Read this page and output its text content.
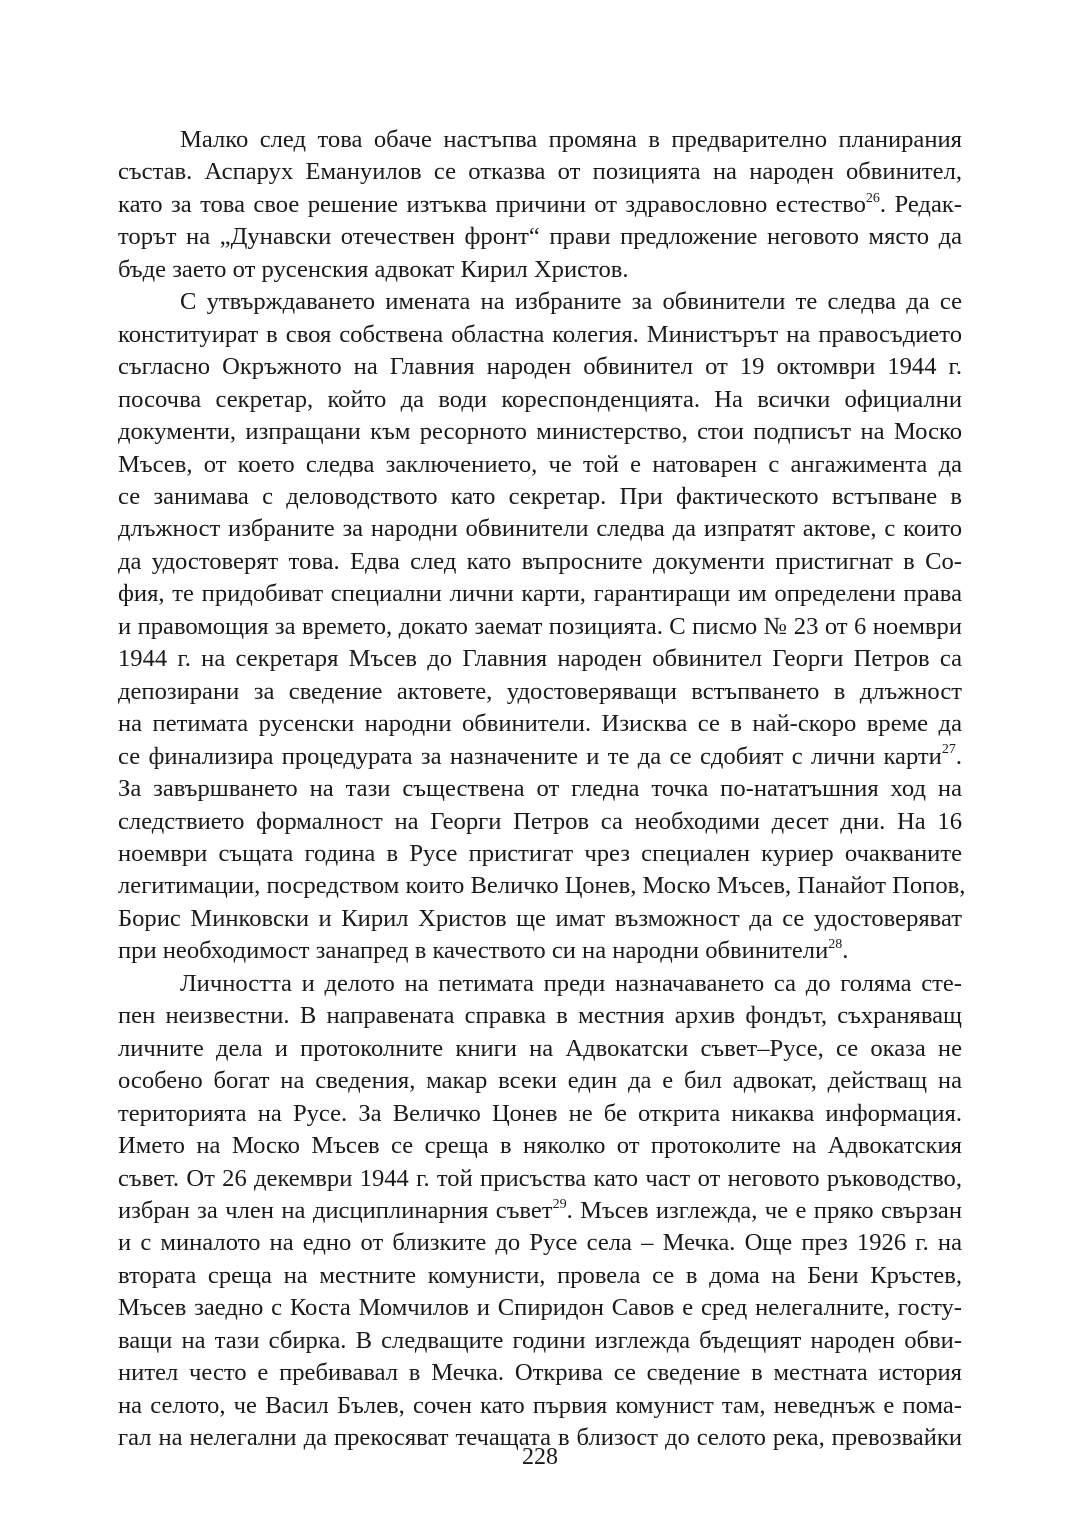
Малко след това обаче настъпва промяна в предварително планирания
състав. Аспарух Емануилов се отказва от позицията на народен обвинител,
като за това свое решение изтъква причини от здравословно естество$^{26}$. Редак-
торът на „Дунавски отечествен фронт“ прави предложение неговото място да
бъде заето от русенския адвокат Кирил Христов.

С утвърждаването имената на избраните за обвинители те следва да се
конституират в своя собствена областна колегия. Министърът на правосъдието
съгласно Окръжното на Главния народен обвинител от 19 октомври 1944 г.
посочва секретар, който да води кореспонденцията. На всички официални
документи, изпращани към ресорното министерство, стои подписът на Моско
Мъсев, от което следва заключението, че той е натоварен с ангажимента да
се занимава с деловодството като секретар. При фактическото встъпване в
длъжност избраните за народни обвинители следва да изпратят актове, с които
да удостоверят това. Едва след като въпросните документи пристигнат в Со-
фия, те придобиват специални лични карти, гарантиращи им определени права
и правомощия за времето, докато заемат позицията. С писмо № 23 от 6 ноември
1944 г. на секретаря Мъсев до Главния народен обвинител Георги Петров са
депозирани за сведение актовете, удостоверяващи встъпването в длъжност
на петимата русенски народни обвинители. Изисква се в най-скоро време да
се финализира процедурата за назначените и те да се сдобият с лични карти$^{27}$.
За завършването на тази съществена от гледна точка по-нататъшния ход на
следствието формалност на Георги Петров са необходими десет дни. На 16
ноември същата година в Русе пристигат чрез специален куриер очакваните
легитимации, посредством които Величко Цонев, Моско Мъсев, Панайот Попов,
Борис Минковски и Кирил Христов ще имат възможност да се удостоверяват
при необходимост занапред в качеството си на народни обвинители$^{28}$.

Личността и делото на петимата преди назначаването са до голяма сте-
пен неизвестни. В направената справка в местния архив фондът, съхраняващ
личните дела и протоколните книги на Адвокатски съвет–Русе, се оказа не
особено богат на сведения, макар всеки един да е бил адвокат, действащ на
територията на Русе. За Величко Цонев не бе открита никаква информация.
Името на Моско Мъсев се среща в няколко от протоколите на Адвокатския
съвет. От 26 декември 1944 г. той присъства като част от неговото ръководство,
избран за член на дисциплинарния съвет$^{29}$. Мъсев изглежда, че е пряко свързан
и с миналото на едно от близките до Русе села – Мечка. Още през 1926 г. на
втората среща на местните комунисти, провела се в дома на Бени Кръстев,
Мъсев заедно с Коста Момчилов и Спиридон Савов е сред нелегалните, госту-
ващи на тази сбирка. В следващите години изглежда бъдещият народен обви-
нител често е пребивавал в Мечка. Открива се сведение в местната история
на селото, че Васил Бълев, сочен като първия комунист там, неведнъж е пома-
гал на нелегални да прекосяват течащата в близост до селото река, превозвайки

228
